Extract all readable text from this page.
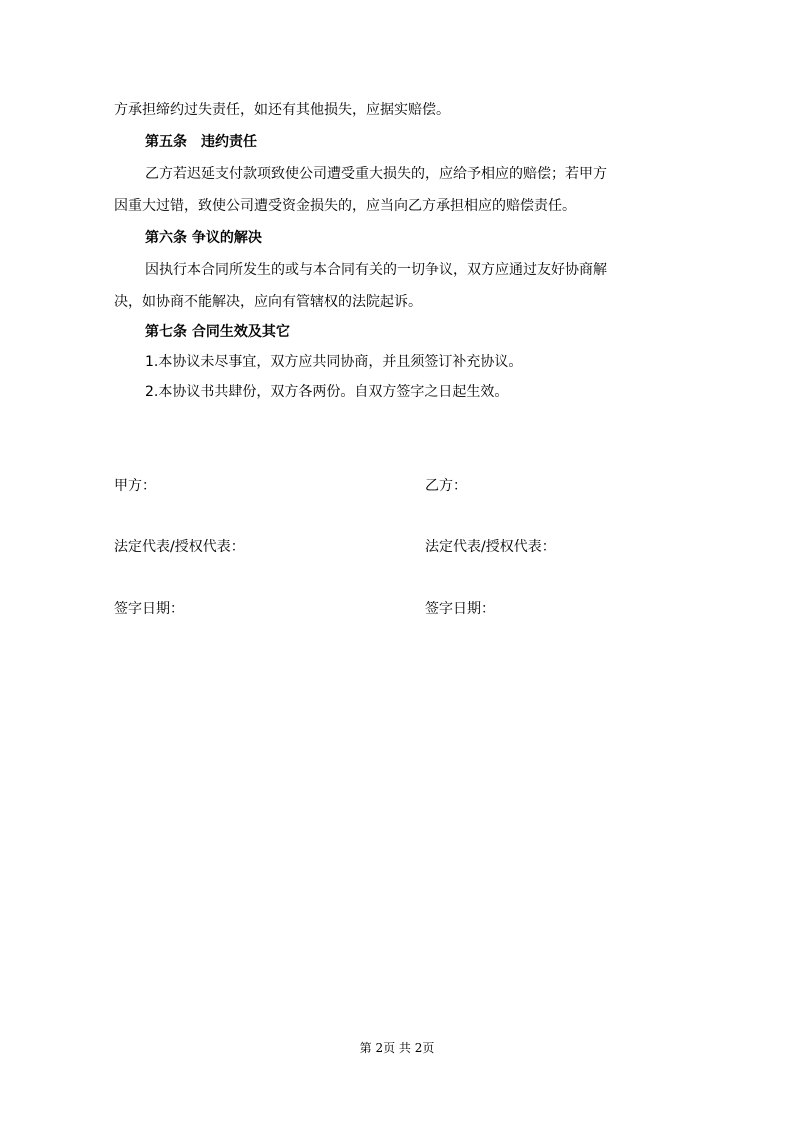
方承担缔约过失责任，如还有其他损失，应据实赔偿。
第五条　违约责任
乙方若迟延支付款项致使公司遭受重大损失的，应给予相应的赔偿；若甲方
因重大过错，致使公司遭受资金损失的，应当向乙方承担相应的赔偿责任。
第六条 争议的解决
因执行本合同所发生的或与本合同有关的一切争议，双方应通过友好协商解
决，如协商不能解决，应向有管辖权的法院起诉。
第七条 合同生效及其它
1.本协议未尽事宜，双方应共同协商，并且须签订补充协议。
2.本协议书共肆份，双方各两份。自双方签字之日起生效。
甲方：	乙方：
法定代表/授权代表：	法定代表/授权代表：
签字日期：	签字日期：
第 2页 共 2页
